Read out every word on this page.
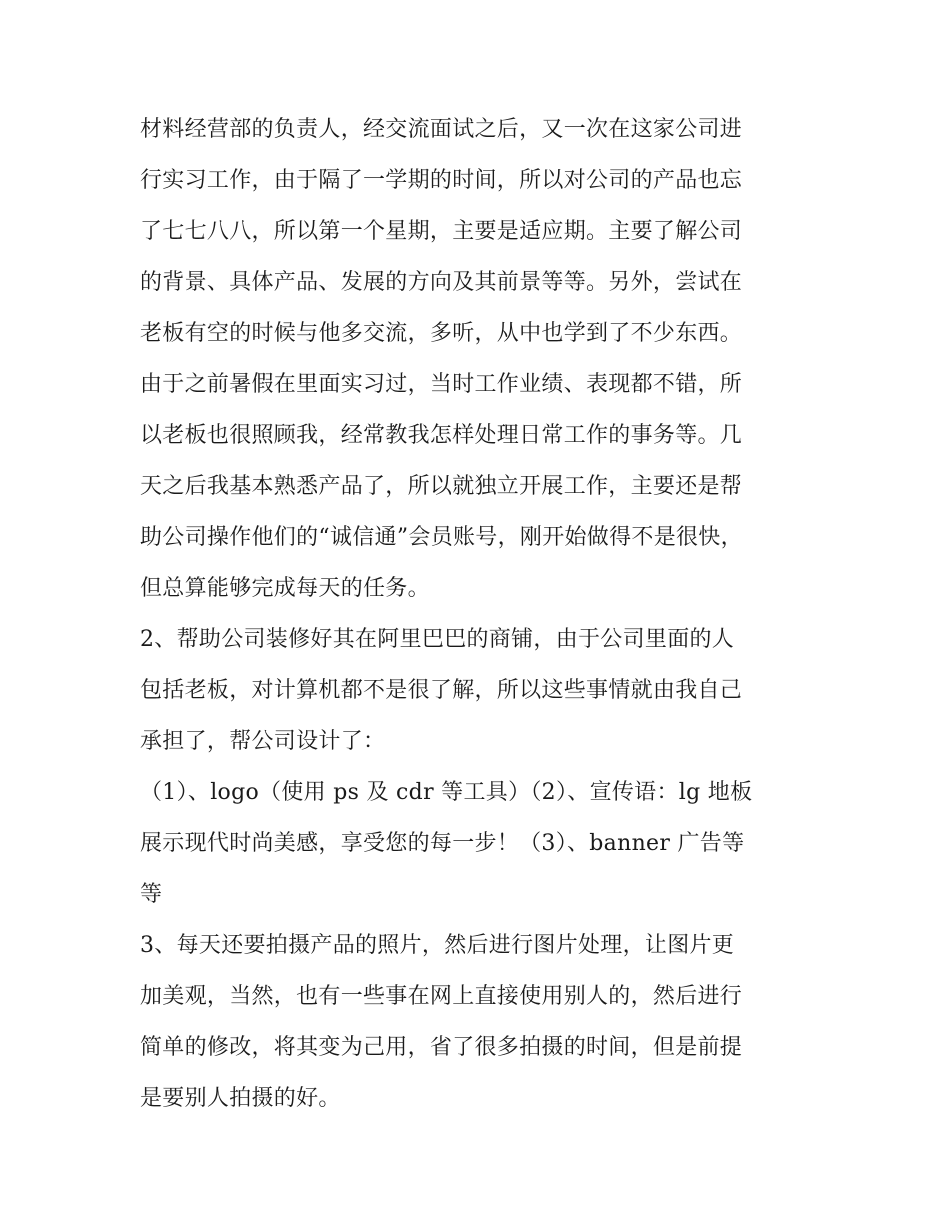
材料经营部的负责人，经交流面试之后，又一次在这家公司进
行实习工作，由于隔了一学期的时间，所以对公司的产品也忘
了七七八八，所以第一个星期，主要是适应期。主要了解公司
的背景、具体产品、发展的方向及其前景等等。另外，尝试在
老板有空的时候与他多交流，多听，从中也学到了不少东西。
由于之前暑假在里面实习过，当时工作业绩、表现都不错，所
以老板也很照顾我，经常教我怎样处理日常工作的事务等。几
天之后我基本熟悉产品了，所以就独立开展工作，主要还是帮
助公司操作他们的“诚信通”会员账号，刚开始做得不是很快，
但总算能够完成每天的任务。
2、帮助公司装修好其在阿里巴巴的商铺，由于公司里面的人
包括老板，对计算机都不是很了解，所以这些事情就由我自己
承担了，帮公司设计了：
（1）、logo（使用 ps 及 cdr 等工具）（2）、宣传语：lg 地板
展示现代时尚美感，享受您的每一步！（3）、banner 广告等
等
3、每天还要拍摄产品的照片，然后进行图片处理，让图片更
加美观，当然，也有一些事在网上直接使用别人的，然后进行
简单的修改，将其变为己用，省了很多拍摄的时间，但是前提
是要别人拍摄的好。
